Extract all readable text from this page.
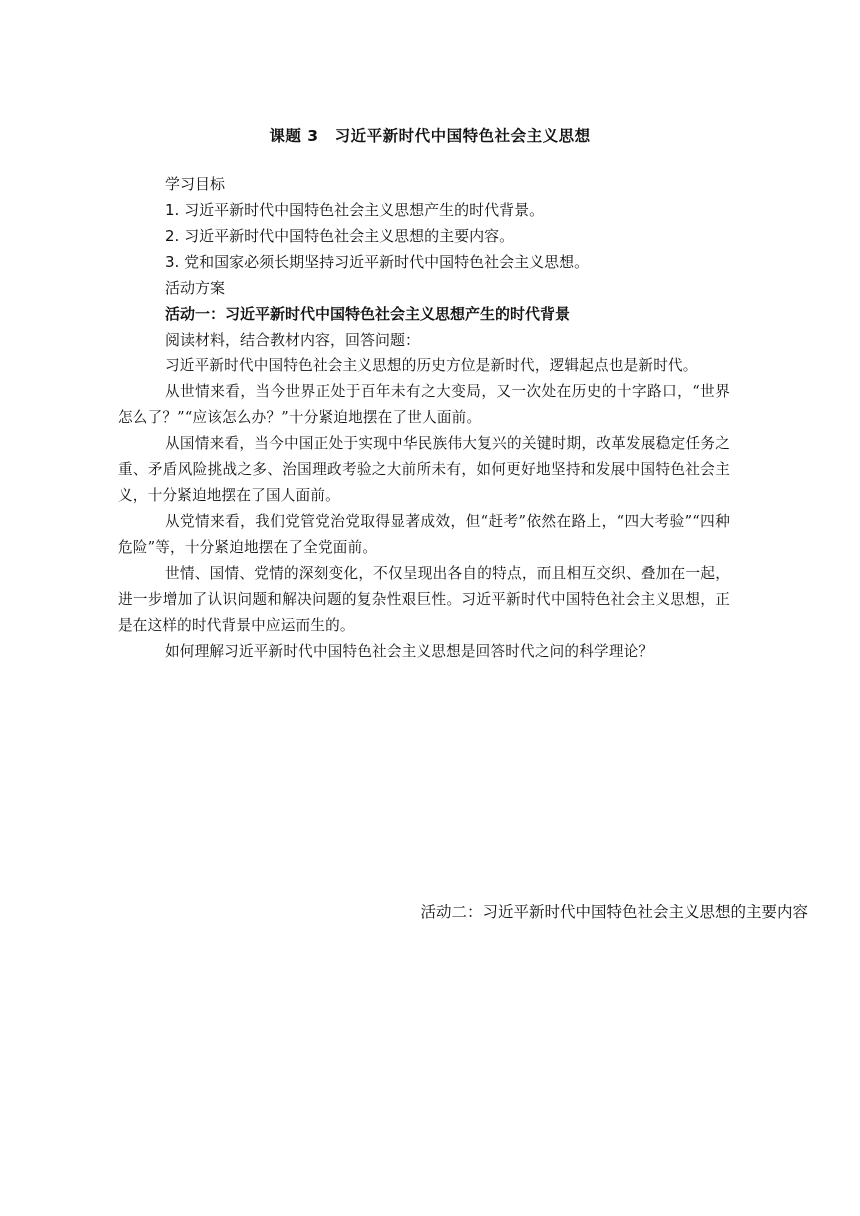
课题 3　习近平新时代中国特色社会主义思想

学习目标

1. 习近平新时代中国特色社会主义思想产生的时代背景。

2. 习近平新时代中国特色社会主义思想的主要内容。

3. 党和国家必须长期坚持习近平新时代中国特色社会主义思想。

活动方案

活动一：习近平新时代中国特色社会主义思想产生的时代背景

阅读材料，结合教材内容，回答问题：

习近平新时代中国特色社会主义思想的历史方位是新时代，逻辑起点也是新时代。

从世情来看，当今世界正处于百年未有之大变局，又一次处在历史的十字路口，“世界怎么了？”“应该怎么办？”十分紧迫地摆在了世人面前。

从国情来看，当今中国正处于实现中华民族伟大复兴的关键时期，改革发展稳定任务之重、矛盾风险挑战之多、治国理政考验之大前所未有，如何更好地坚持和发展中国特色社会主义，十分紧迫地摆在了国人面前。

从党情来看，我们党管党治党取得显著成效，但“赶考”依然在路上，“四大考验”“四种危险”等，十分紧迫地摆在了全党面前。

世情、国情、党情的深刻变化，不仅呈现出各自的特点，而且相互交织、叠加在一起，进一步增加了认识问题和解决问题的复杂性艰巨性。习近平新时代中国特色社会主义思想，正是在这样的时代背景中应运而生的。

如何理解习近平新时代中国特色社会主义思想是回答时代之问的科学理论？

活动二：习近平新时代中国特色社会主义思想的主要内容
